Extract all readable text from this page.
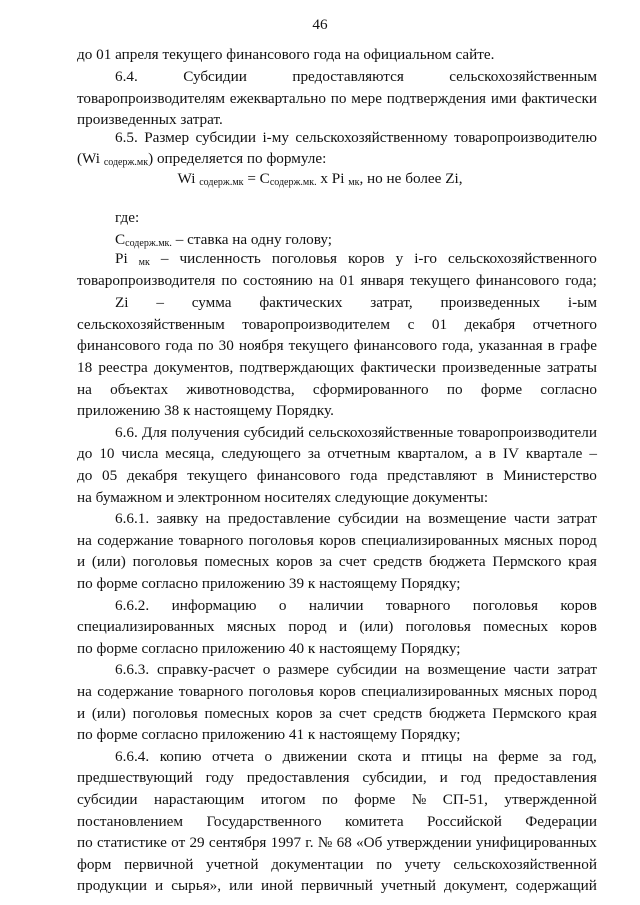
46
до 01 апреля текущего финансового года на официальном сайте.
6.4.	Субсидии	предоставляются	сельскохозяйственным
товаропроизводителям ежеквартально по мере подтверждения ими фактически
произведенных затрат.
6.5. Размер субсидии i-му сельскохозяйственному товаропроизводителю
(Wi $_{содерж.мк}$) определяется по формуле:
где:
$С_{содерж.мк.}$ – ставка на одну голову;
Pi $_{мк}$ – численность поголовья коров у i-го сельскохозяйственного
товаропроизводителя по состоянию на 01 января текущего финансового года;
Zi – сумма фактических затрат, произведенных i-ым
сельскохозяйственным товаропроизводителем с 01 декабря отчетного
финансового года по 30 ноября текущего финансового года, указанная в графе
18 реестра документов, подтверждающих фактически произведенные затраты
на объектах животноводства, сформированного по форме согласно
приложению 38 к настоящему Порядку.
6.6. Для получения субсидий сельскохозяйственные товаропроизводители
до 10 числа месяца, следующего за отчетным кварталом, а в IV квартале –
до 05 декабря текущего финансового года представляют в Министерство
на бумажном и электронном носителях следующие документы:
6.6.1. заявку на предоставление субсидии на возмещение части затрат
на содержание товарного поголовья коров специализированных мясных пород
и (или) поголовья помесных коров за счет средств бюджета Пермского края
по форме согласно приложению 39 к настоящему Порядку;
6.6.2. информацию о наличии товарного поголовья коров
специализированных мясных пород и (или) поголовья помесных коров
по форме согласно приложению 40 к настоящему Порядку;
6.6.3. справку-расчет о размере субсидии на возмещение части затрат
на содержание товарного поголовья коров специализированных мясных пород
и (или) поголовья помесных коров за счет средств бюджета Пермского края
по форме согласно приложению 41 к настоящему Порядку;
6.6.4. копию отчета о движении скота и птицы на ферме за год,
предшествующий году предоставления субсидии, и год предоставления
субсидии нарастающим итогом по форме № СП-51, утвержденной
постановлением Государственного комитета Российской Федерации
по статистике от 29 сентября 1997 г. № 68 «Об утверждении унифицированных
форм первичной учетной документации по учету сельскохозяйственной
продукции и сырья», или иной первичный учетный документ, содержащий
Wi $_{содерж.мк} = С_{содерж.мк.}$ x Pi $_{мк}$, но не более Zi,
